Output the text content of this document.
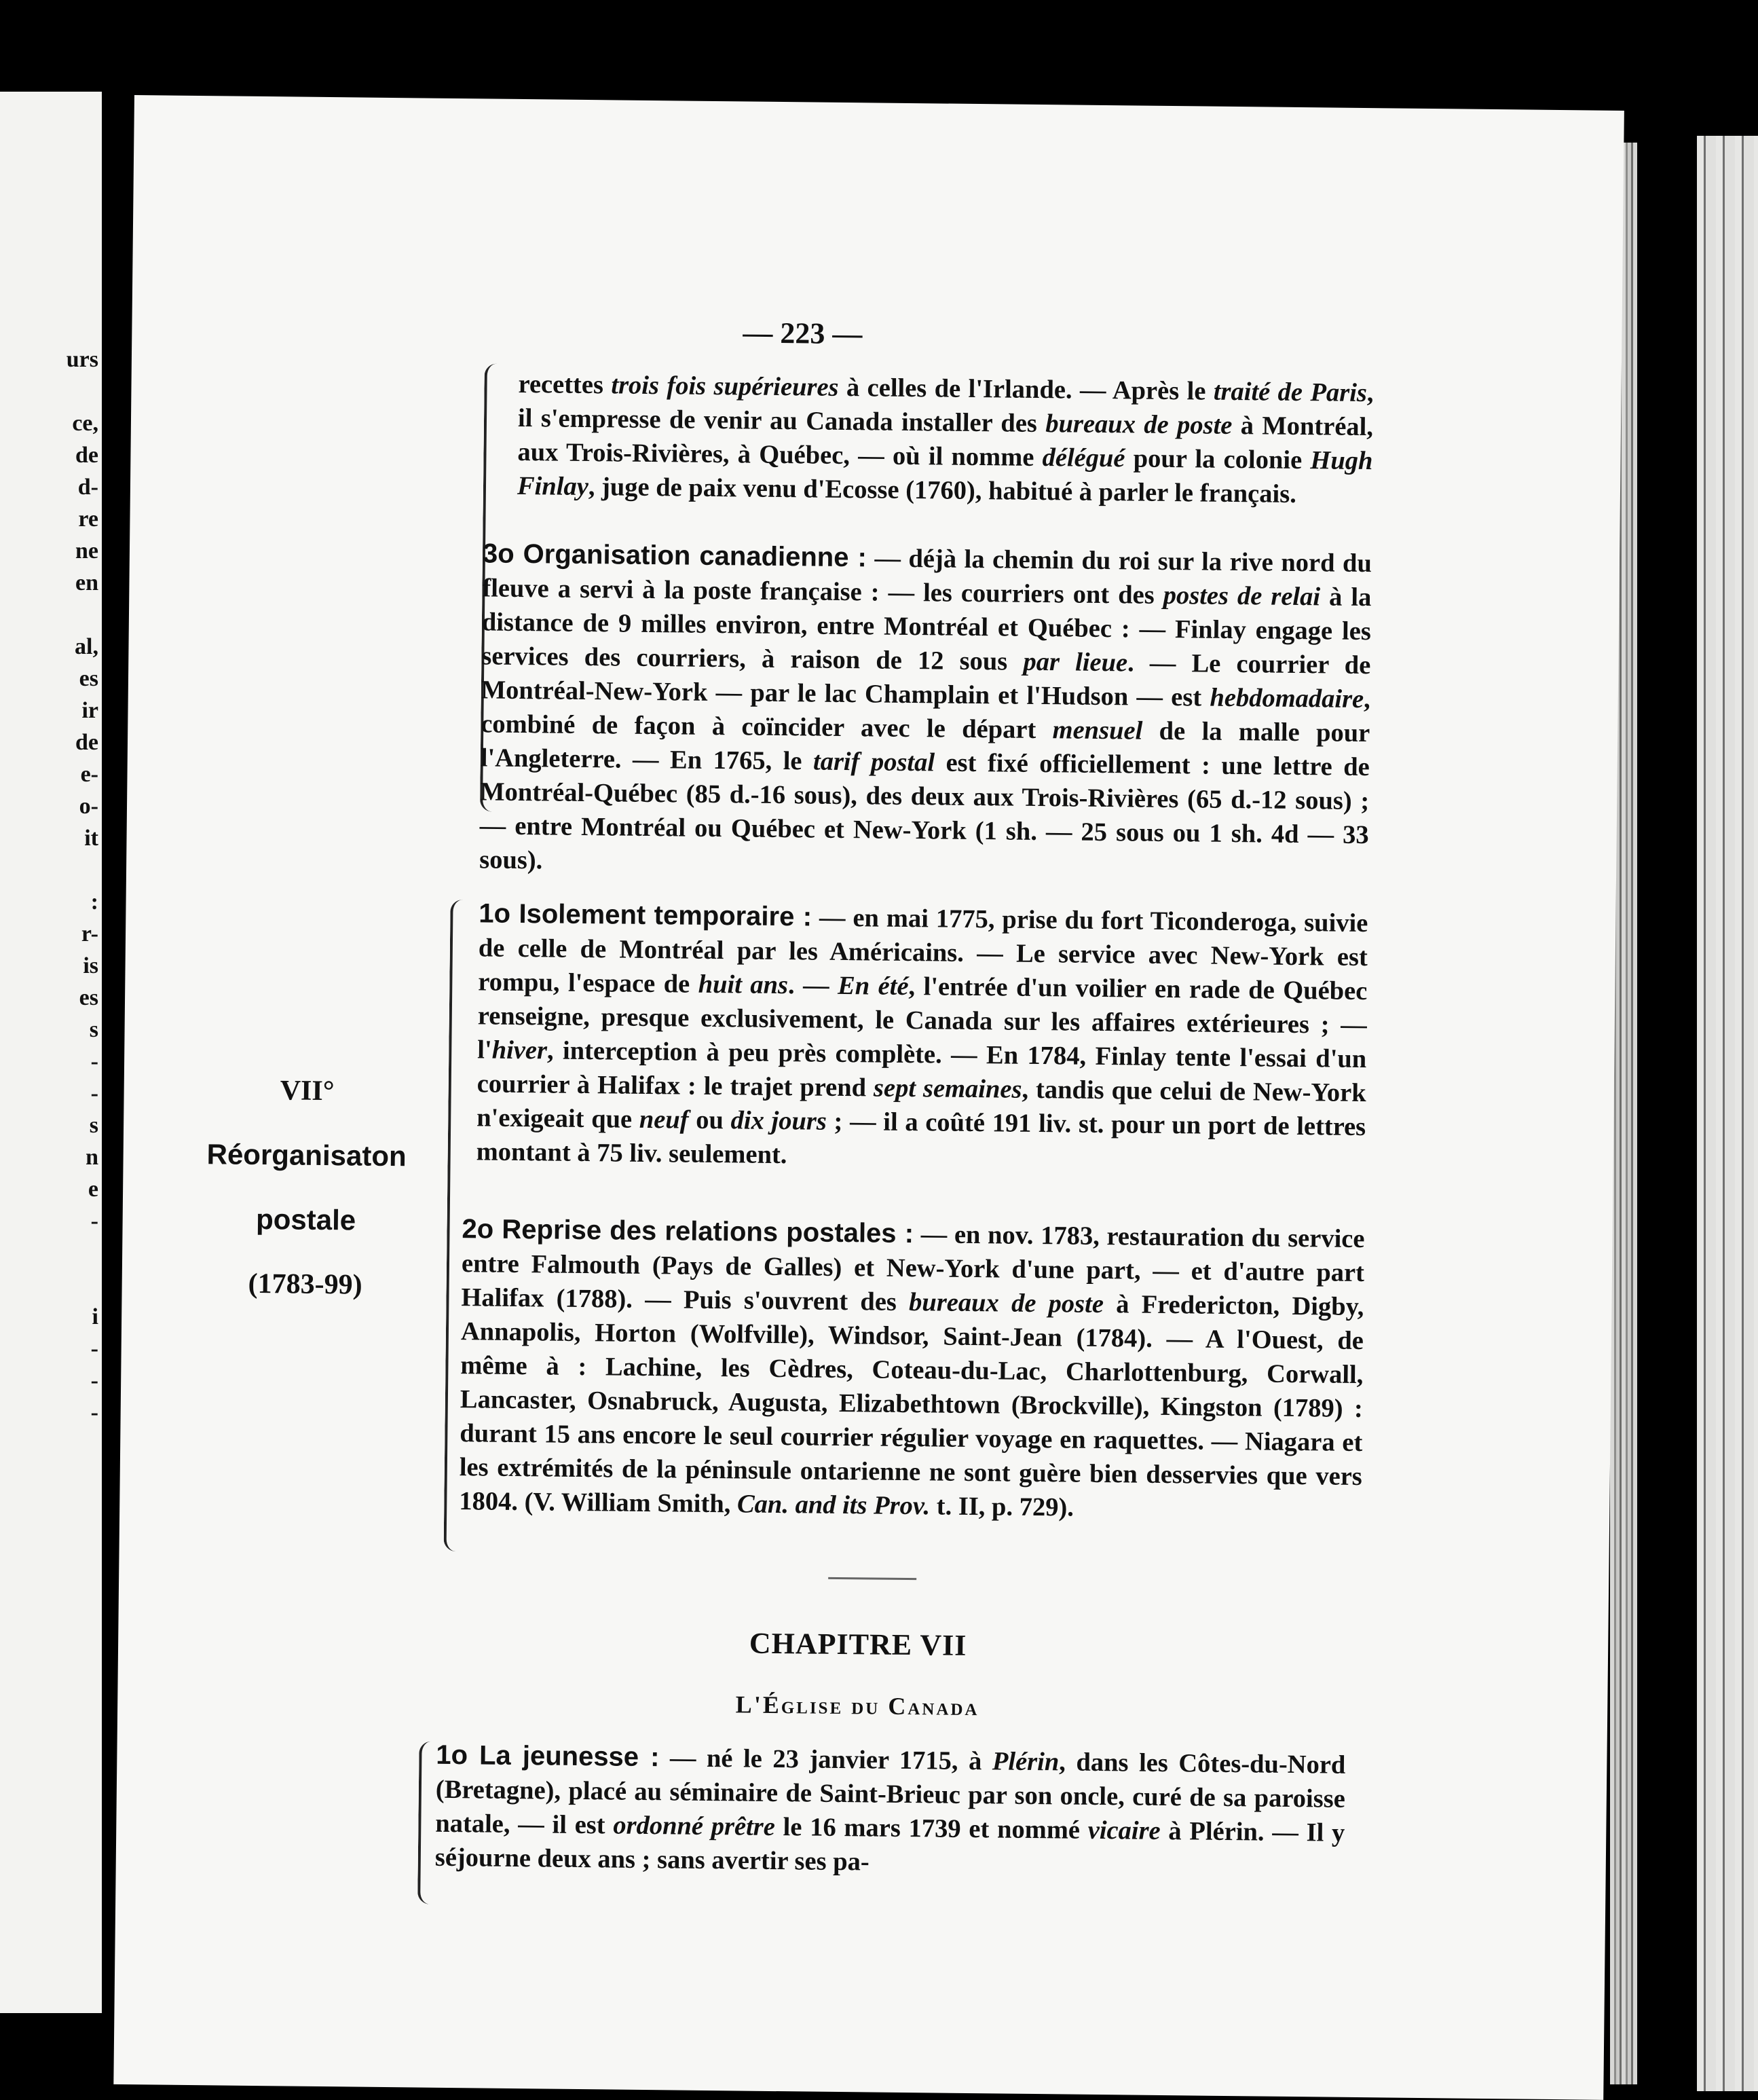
urs
ce,
de
d-
re
ne
en
al,
es
ir
de
e-
o-
it
:
r-
is
es
s
-
-
s
n
e
-
i
-
-
-
— 223 —

recettes trois fois supérieures à celles de l'Irlande. — Après le traité de Paris, il s'empresse de venir au Canada installer des bureaux de poste à Montréal, aux Trois-Rivières, à Québec, — où il nomme délégué pour la colonie Hugh Finlay, juge de paix venu d'Ecosse (1760), habitué à parler le français.

3o Organisation canadienne : — déjà la chemin du roi sur la rive nord du fleuve a servi à la poste française : — les courriers ont des postes de relai à la distance de 9 milles environ, entre Montréal et Québec : — Finlay engage les services des courriers, à raison de 12 sous par lieue. — Le courrier de Montréal-New-York — par le lac Champlain et l'Hudson — est hebdomadaire, combiné de façon à coïncider avec le départ mensuel de la malle pour l'Angleterre. — En 1765, le tarif postal est fixé officiellement : une lettre de Montréal-Québec (85 d.-16 sous), des deux aux Trois-Rivières (65 d.-12 sous) ; — entre Montréal ou Québec et New-York (1 sh. — 25 sous ou 1 sh. 4d — 33 sous).

1o Isolement temporaire : — en mai 1775, prise du fort Ticonderoga, suivie de celle de Montréal par les Américains. — Le service avec New-York est rompu, l'espace de huit ans. — En été, l'entrée d'un voilier en rade de Québec renseigne, presque exclusivement, le Canada sur les affaires extérieures ; — l'hiver, interception à peu près complète. — En 1784, Finlay tente l'essai d'un courrier à Halifax : le trajet prend sept semaines, tandis que celui de New-York n'exigeait que neuf ou dix jours ; — il a coûté 191 liv. st. pour un port de lettres montant à 75 liv. seulement.

2o Reprise des relations postales : — en nov. 1783, restauration du service entre Falmouth (Pays de Galles) et New-York d'une part, — et d'autre part Halifax (1788). — Puis s'ouvrent des bureaux de poste à Fredericton, Digby, Annapolis, Horton (Wolfville), Windsor, Saint-Jean (1784). — A l'Ouest, de même à : Lachine, les Cèdres, Coteau-du-Lac, Charlottenburg, Corwall, Lancaster, Osnabruck, Augusta, Elizabethtown (Brockville), Kingston (1789) : durant 15 ans encore le seul courrier régulier voyage en raquettes. — Niagara et les extrémités de la péninsule ontarienne ne sont guère bien desservies que vers 1804. (V. William Smith, Can. and its Prov. t. II, p. 729).

VII°
Réorganisaton
postale
(1783-99)
CHAPITRE VII
L'Église du Canada

1o La jeunesse : — né le 23 janvier 1715, à Plérin, dans les Côtes-du-Nord (Bretagne), placé au séminaire de Saint-Brieuc par son oncle, curé de sa paroisse natale, — il est ordonné prêtre le 16 mars 1739 et nommé vicaire à Plérin. — Il y séjourne deux ans ; sans avertir ses pa-
